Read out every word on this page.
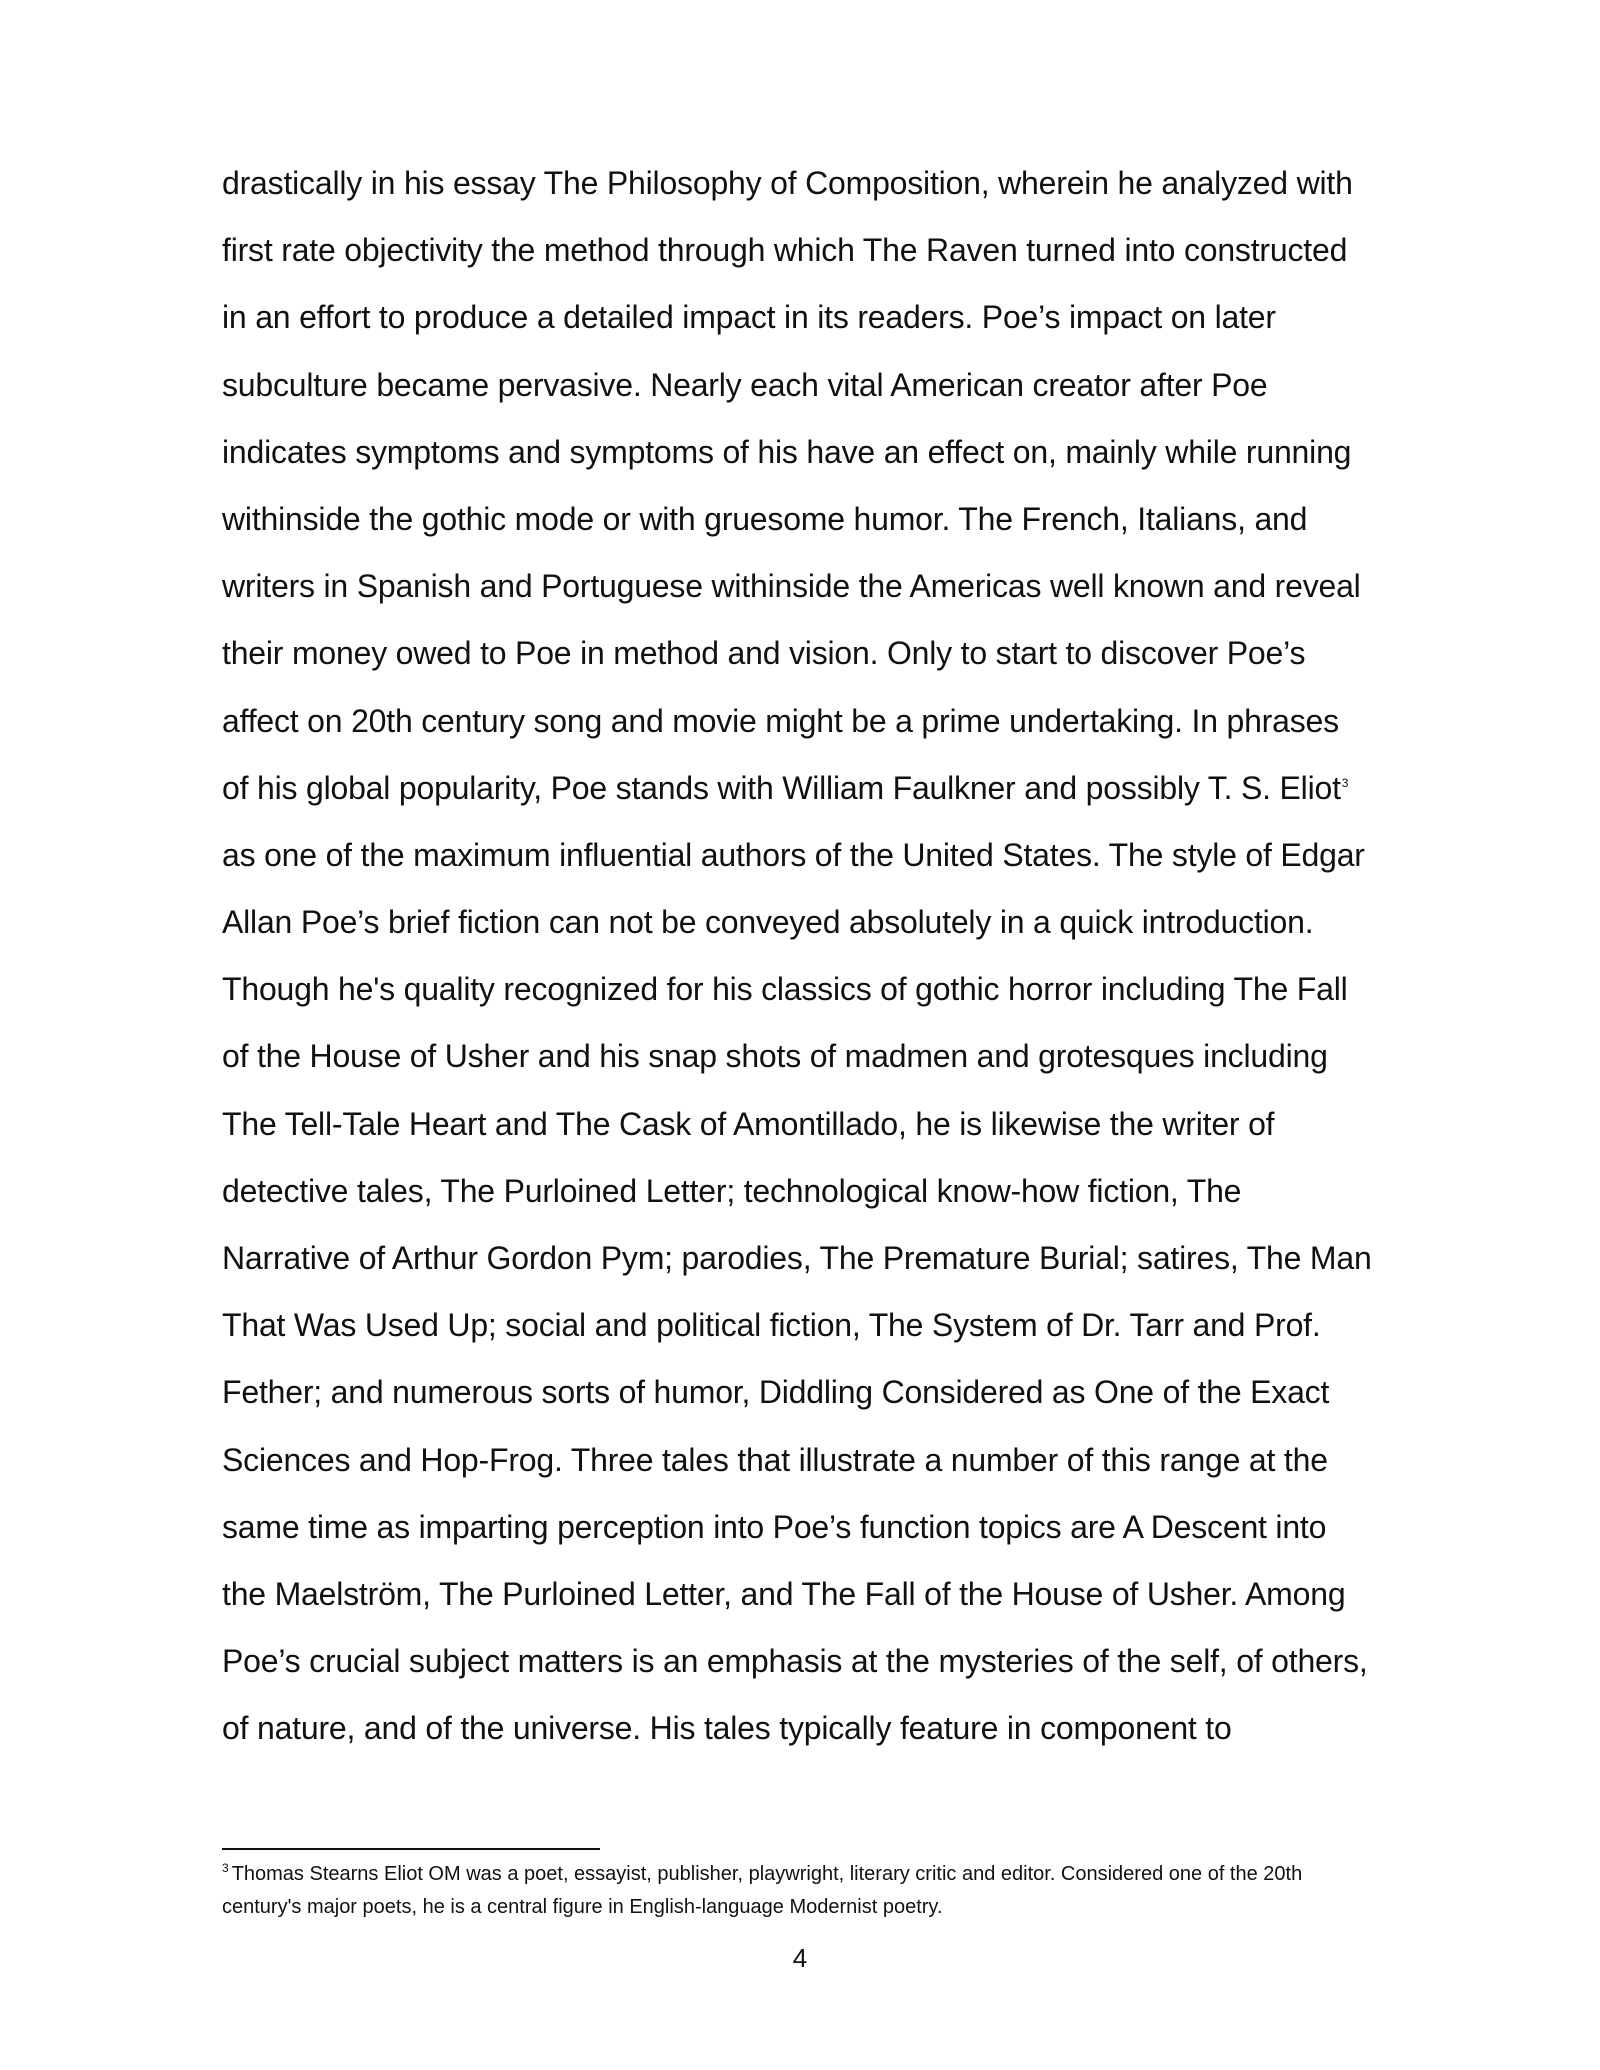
drastically in his essay The Philosophy of Composition, wherein he analyzed with
first rate objectivity the method through which The Raven turned into constructed
in an effort to produce a detailed impact in its readers. Poe’s impact on later
subculture became pervasive. Nearly each vital American creator after Poe
indicates symptoms and symptoms of his have an effect on, mainly while running
withinside the gothic mode or with gruesome humor. The French, Italians, and
writers in Spanish and Portuguese withinside the Americas well known and reveal
their money owed to Poe in method and vision. Only to start to discover Poe’s
affect on 20th century song and movie might be a prime undertaking. In phrases
of his global popularity, Poe stands with William Faulkner and possibly T. S. Eliot$^3$
as one of the maximum influential authors of the United States. The style of Edgar
Allan Poe’s brief fiction can not be conveyed absolutely in a quick introduction.
Though he's quality recognized for his classics of gothic horror including The Fall
of the House of Usher and his snap shots of madmen and grotesques including
The Tell-Tale Heart and The Cask of Amontillado, he is likewise the writer of
detective tales, The Purloined Letter; technological know-how fiction, The
Narrative of Arthur Gordon Pym; parodies, The Premature Burial; satires, The Man
That Was Used Up; social and political fiction, The System of Dr. Tarr and Prof.
Fether; and numerous sorts of humor, Diddling Considered as One of the Exact
Sciences and Hop-Frog. Three tales that illustrate a number of this range at the
same time as imparting perception into Poe’s function topics are A Descent into
the Maelström, The Purloined Letter, and The Fall of the House of Usher. Among
Poe’s crucial subject matters is an emphasis at the mysteries of the self, of others,
of nature, and of the universe. His tales typically feature in component to
$^3$ Thomas Stearns Eliot OM was a poet, essayist, publisher, playwright, literary critic and editor. Considered one of the 20th
century's major poets, he is a central figure in English-language Modernist poetry.
4
